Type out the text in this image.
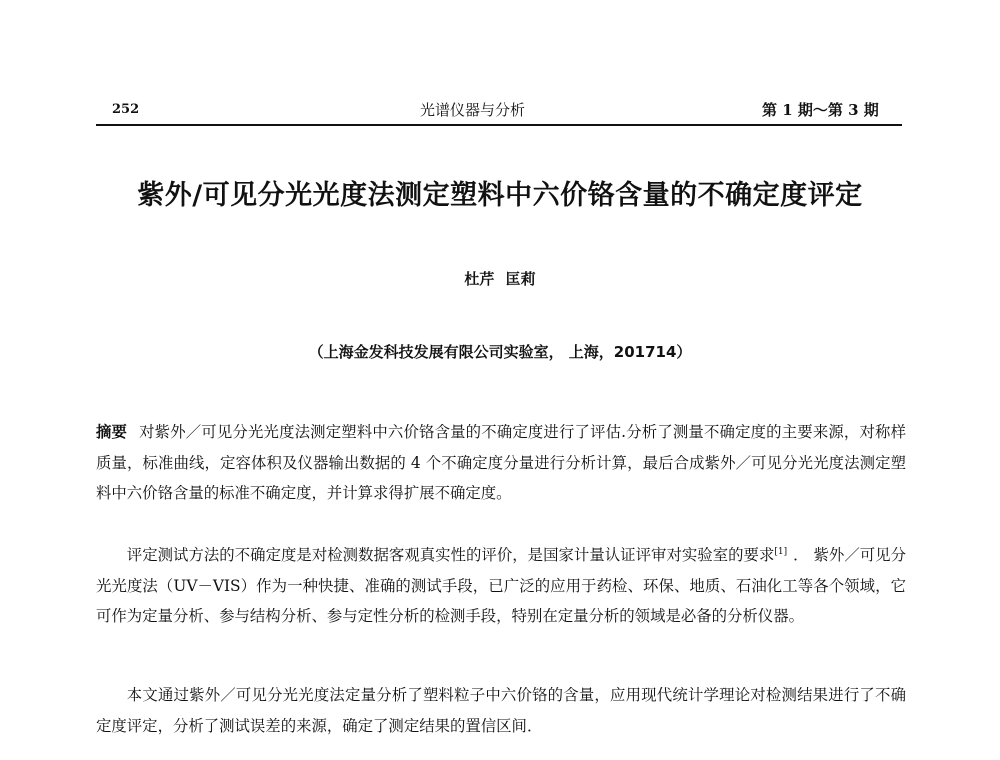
252	光谱仪器与分析	第 1 期～第 3 期
紫外/可见分光光度法测定塑料中六价铬含量的不确定度评定
杜芹 匡莉
（上海金发科技发展有限公司实验室， 上海，201714）
摘要 对紫外／可见分光光度法测定塑料中六价铬含量的不确定度进行了评估.分析了测量不确定度的主要来源，对称样质量，标准曲线，定容体积及仪器输出数据的 4 个不确定度分量进行分析计算，最后合成紫外／可见分光光度法测定塑料中六价铬含量的标准不确定度，并计算求得扩展不确定度。
评定测试方法的不确定度是对检测数据客观真实性的评价，是国家计量认证评审对实验室的要求[1] ． 紫外／可见分光光度法（UV－VIS）作为一种快捷、准确的测试手段，已广泛的应用于药检、环保、地质、石油化工等各个领域，它可作为定量分析、参与结构分析、参与定性分析的检测手段，特别在定量分析的领域是必备的分析仪器。
本文通过紫外／可见分光光度法定量分析了塑料粒子中六价铬的含量，应用现代统计学理论对检测结果进行了不确定度评定，分析了测试误差的来源，确定了测定结果的置信区间．
